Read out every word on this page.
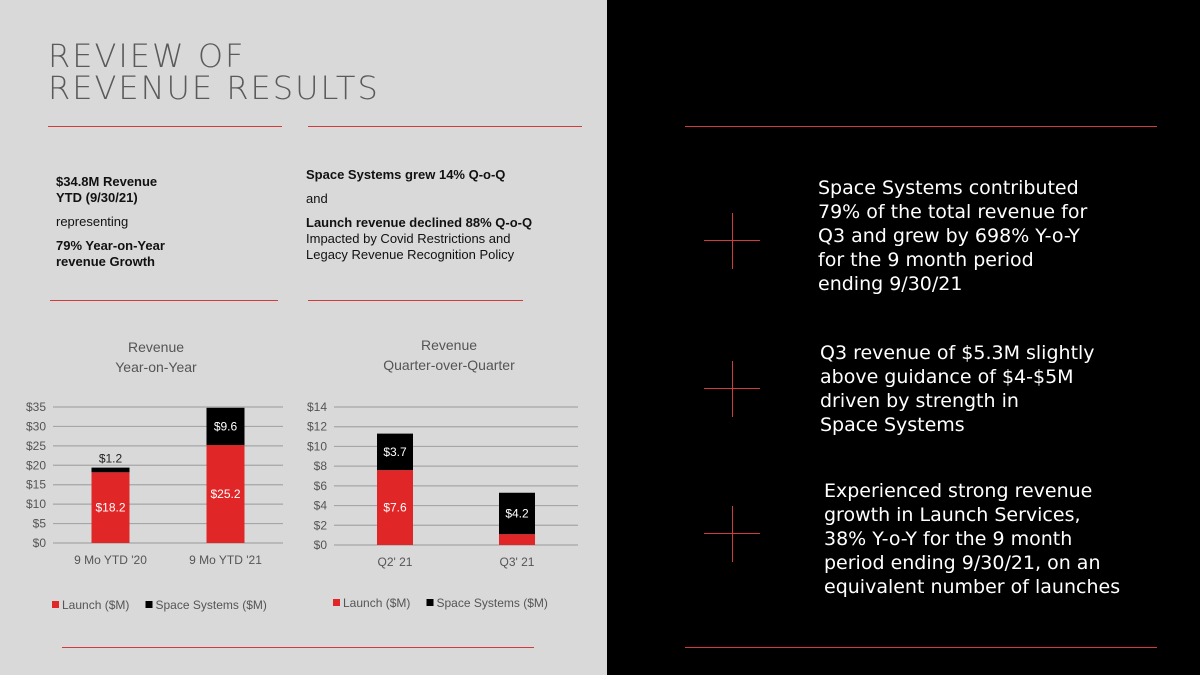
REVIEW OF
REVENUE RESULTS
$34.8M Revenue
YTD (9/30/21)
representing
79% Year-on-Year
revenue Growth
Space Systems grew 14% Q-o-Q
and
Launch revenue declined 88% Q-o-Q
Impacted by Covid Restrictions and
Legacy Revenue Recognition Policy
Revenue
Year-on-Year
Revenue
Quarter-over-Quarter
$0
$5
$10
$15
$20
$25
$30
$35
$18.2
$1.2
9 Mo YTD '20
$25.2
$9.6
9 Mo YTD '21
Launch ($M) Space Systems ($M)
$0
$2
$4
$6
$8
$10
$12
$14
$7.6
$3.7
Q2' 21
$4.2
Q3' 21
Launch ($M) Space Systems ($M)
Space Systems contributed
79% of the total revenue for
Q3 and grew by 698% Y-o-Y
for the 9 month period
ending 9/30/21
Q3 revenue of $5.3M slightly
above guidance of $4-$5M
driven by strength in
Space Systems
Experienced strong revenue
growth in Launch Services,
38% Y-o-Y for the 9 month
period ending 9/30/21, on an
equivalent number of launches
